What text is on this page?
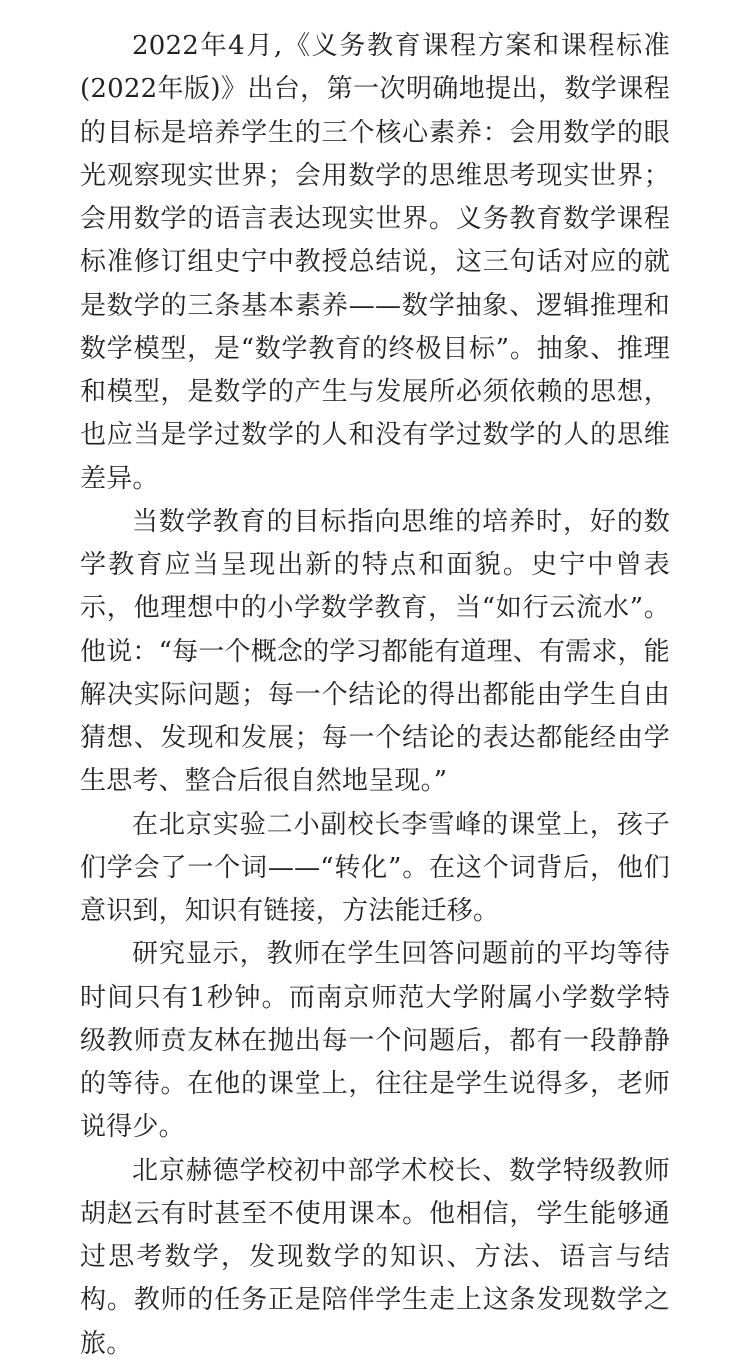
2022年4月,《义务教育课程方案和课程标准(2022年版)》出台，第一次明确地提出，数学课程的目标是培养学生的三个核心素养：会用数学的眼光观察现实世界；会用数学的思维思考现实世界；会用数学的语言表达现实世界。义务教育数学课程标准修订组史宁中教授总结说，这三句话对应的就是数学的三条基本素养——数学抽象、逻辑推理和数学模型，是“数学教育的终极目标”。抽象、推理和模型，是数学的产生与发展所必须依赖的思想，也应当是学过数学的人和没有学过数学的人的思维差异。

当数学教育的目标指向思维的培养时，好的数学教育应当呈现出新的特点和面貌。史宁中曾表示，他理想中的小学数学教育，当“如行云流水”。他说：“每一个概念的学习都能有道理、有需求，能解决实际问题；每一个结论的得出都能由学生自由猜想、发现和发展；每一个结论的表达都能经由学生思考、整合后很自然地呈现。”

在北京实验二小副校长李雪峰的课堂上，孩子们学会了一个词——“转化”。在这个词背后，他们意识到，知识有链接，方法能迁移。

研究显示，教师在学生回答问题前的平均等待时间只有1秒钟。而南京师范大学附属小学数学特级教师贲友林在抛出每一个问题后，都有一段静静的等待。在他的课堂上，往往是学生说得多，老师说得少。

北京赫德学校初中部学术校长、数学特级教师胡赵云有时甚至不使用课本。他相信，学生能够通过思考数学，发现数学的知识、方法、语言与结构。教师的任务正是陪伴学生走上这条发现数学之旅。
